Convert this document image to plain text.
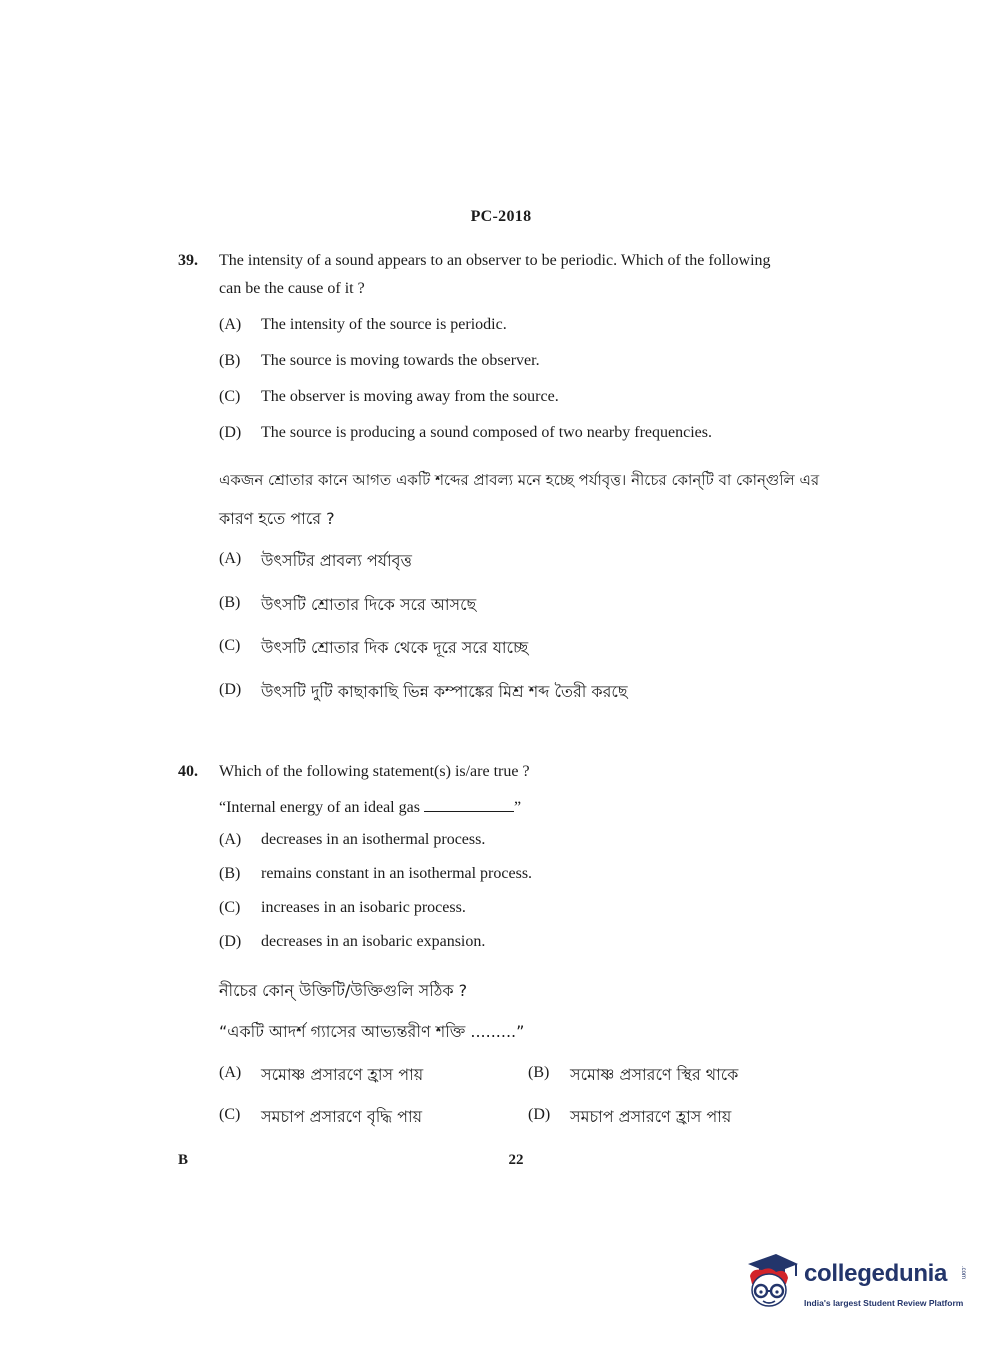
PC-2018
39. The intensity of a sound appears to an observer to be periodic. Which of the following
can be the cause of it ?
(A) The intensity of the source is periodic.
(B) The source is moving towards the observer.
(C) The observer is moving away from the source.
(D) The source is producing a sound composed of two nearby frequencies.
একজন শ্রোতার কানে আগত একটি শব্দের প্রাবল্য মনে হচ্ছে পর্যাবৃত্ত। নীচের কোন্‌টি বা কোন্‌গুলি এর
কারণ হতে পারে ?
(A) উৎসটির প্রাবল্য পর্যাবৃত্ত
(B) উৎসটি শ্রোতার দিকে সরে আসছে
(C) উৎসটি শ্রোতার দিক থেকে দূরে সরে যাচ্ছে
(D) উৎসটি দুটি কাছাকাছি ভিন্ন কম্পাঙ্কের মিশ্র শব্দ তৈরী করছে
40. Which of the following statement(s) is/are true ?
“Internal energy of an ideal gas	”
(A) decreases in an isothermal process.
(B) remains constant in an isothermal process.
(C) increases in an isobaric process.
(D) decreases in an isobaric expansion.
নীচের কোন্‌ উক্তিটি/উক্তিগুলি সঠিক ?
“একটি আদর্শ গ্যাসের আভ্যন্তরীণ শক্তি .........”
(A) সমোষ্ণ প্রসারণে হ্রাস পায়	(B) সমোষ্ণ প্রসারণে স্থির থাকে
(C) সমচাপ প্রসারণে বৃদ্ধি পায়	(D) সমচাপ প্রসারণে হ্রাস পায়
B	22
collegedunia .com
India's largest Student Review Platform
